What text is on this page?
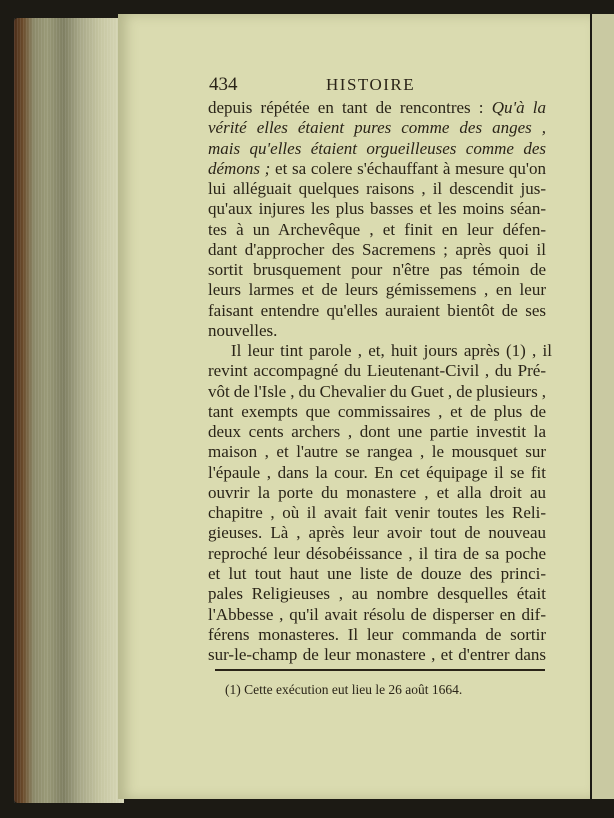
434	HISTOIRE
depuis répétée en tant de rencontres : Qu'à la
vérité elles étaient pures comme des anges ,
mais qu'elles étaient orgueilleuses comme des
démons ; et sa colere s'échauffant à mesure qu'on
lui alléguait quelques raisons , il descendit jus-
qu'aux injures les plus basses et les moins séan-
tes à un Archevêque , et finit en leur défen-
dant d'approcher des Sacremens ; après quoi il
sortit brusquement pour n'être pas témoin de
leurs larmes et de leurs gémissemens , en leur
faisant entendre qu'elles auraient bientôt de ses
nouvelles.
Il leur tint parole , et, huit jours après (1) , il
revint accompagné du Lieutenant-Civil , du Pré-
vôt de l'Isle , du Chevalier du Guet , de plusieurs ,
tant exempts que commissaires , et de plus de
deux cents archers , dont une partie investit la
maison , et l'autre se rangea , le mousquet sur
l'épaule , dans la cour. En cet équipage il se fit
ouvrir la porte du monastere , et alla droit au
chapitre , où il avait fait venir toutes les Reli-
gieuses. Là , après leur avoir tout de nouveau
reproché leur désobéissance , il tira de sa poche
et lut tout haut une liste de douze des princi-
pales Religieuses , au nombre desquelles était
l'Abbesse , qu'il avait résolu de disperser en dif-
férens monasteres. Il leur commanda de sortir
sur-le-champ de leur monastere , et d'entrer dans
(1) Cette exécution eut lieu le 26 août 1664.
